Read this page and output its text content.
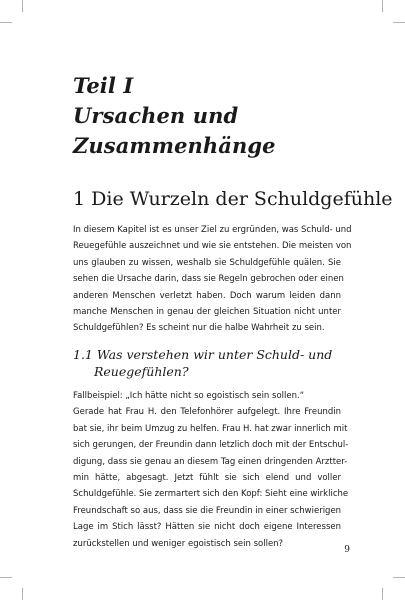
Teil I
Ursachen und
Zusammenhänge
1 Die Wurzeln der Schuldgefühle
In diesem Kapitel ist es unser Ziel zu ergründen, was Schuld- und
Reuegefühle auszeichnet und wie sie entstehen. Die meisten von
uns glauben zu wissen, weshalb sie Schuldgefühle quälen. Sie
sehen die Ursache darin, dass sie Regeln gebrochen oder einen
anderen Menschen verletzt haben. Doch warum leiden dann
manche Menschen in genau der gleichen Situation nicht unter
Schuldgefühlen? Es scheint nur die halbe Wahrheit zu sein.
1.1 Was verstehen wir unter Schuld- und
Reuegefühlen?
Fallbeispiel: „Ich hätte nicht so egoistisch sein sollen.“
Gerade hat Frau H. den Telefonhörer aufgelegt. Ihre Freundin
bat sie, ihr beim Umzug zu helfen. Frau H. hat zwar innerlich mit
sich gerungen, der Freundin dann letzlich doch mit der Entschul-
digung, dass sie genau an diesem Tag einen dringenden Arztter-
min hätte, abgesagt. Jetzt fühlt sie sich elend und voller
Schuldgefühle. Sie zermartert sich den Kopf: Sieht eine wirkliche
Freundschaft so aus, dass sie die Freundin in einer schwierigen
Lage im Stich lässt? Hätten sie nicht doch eigene Interessen
zurückstellen und weniger egoistisch sein sollen?
9
